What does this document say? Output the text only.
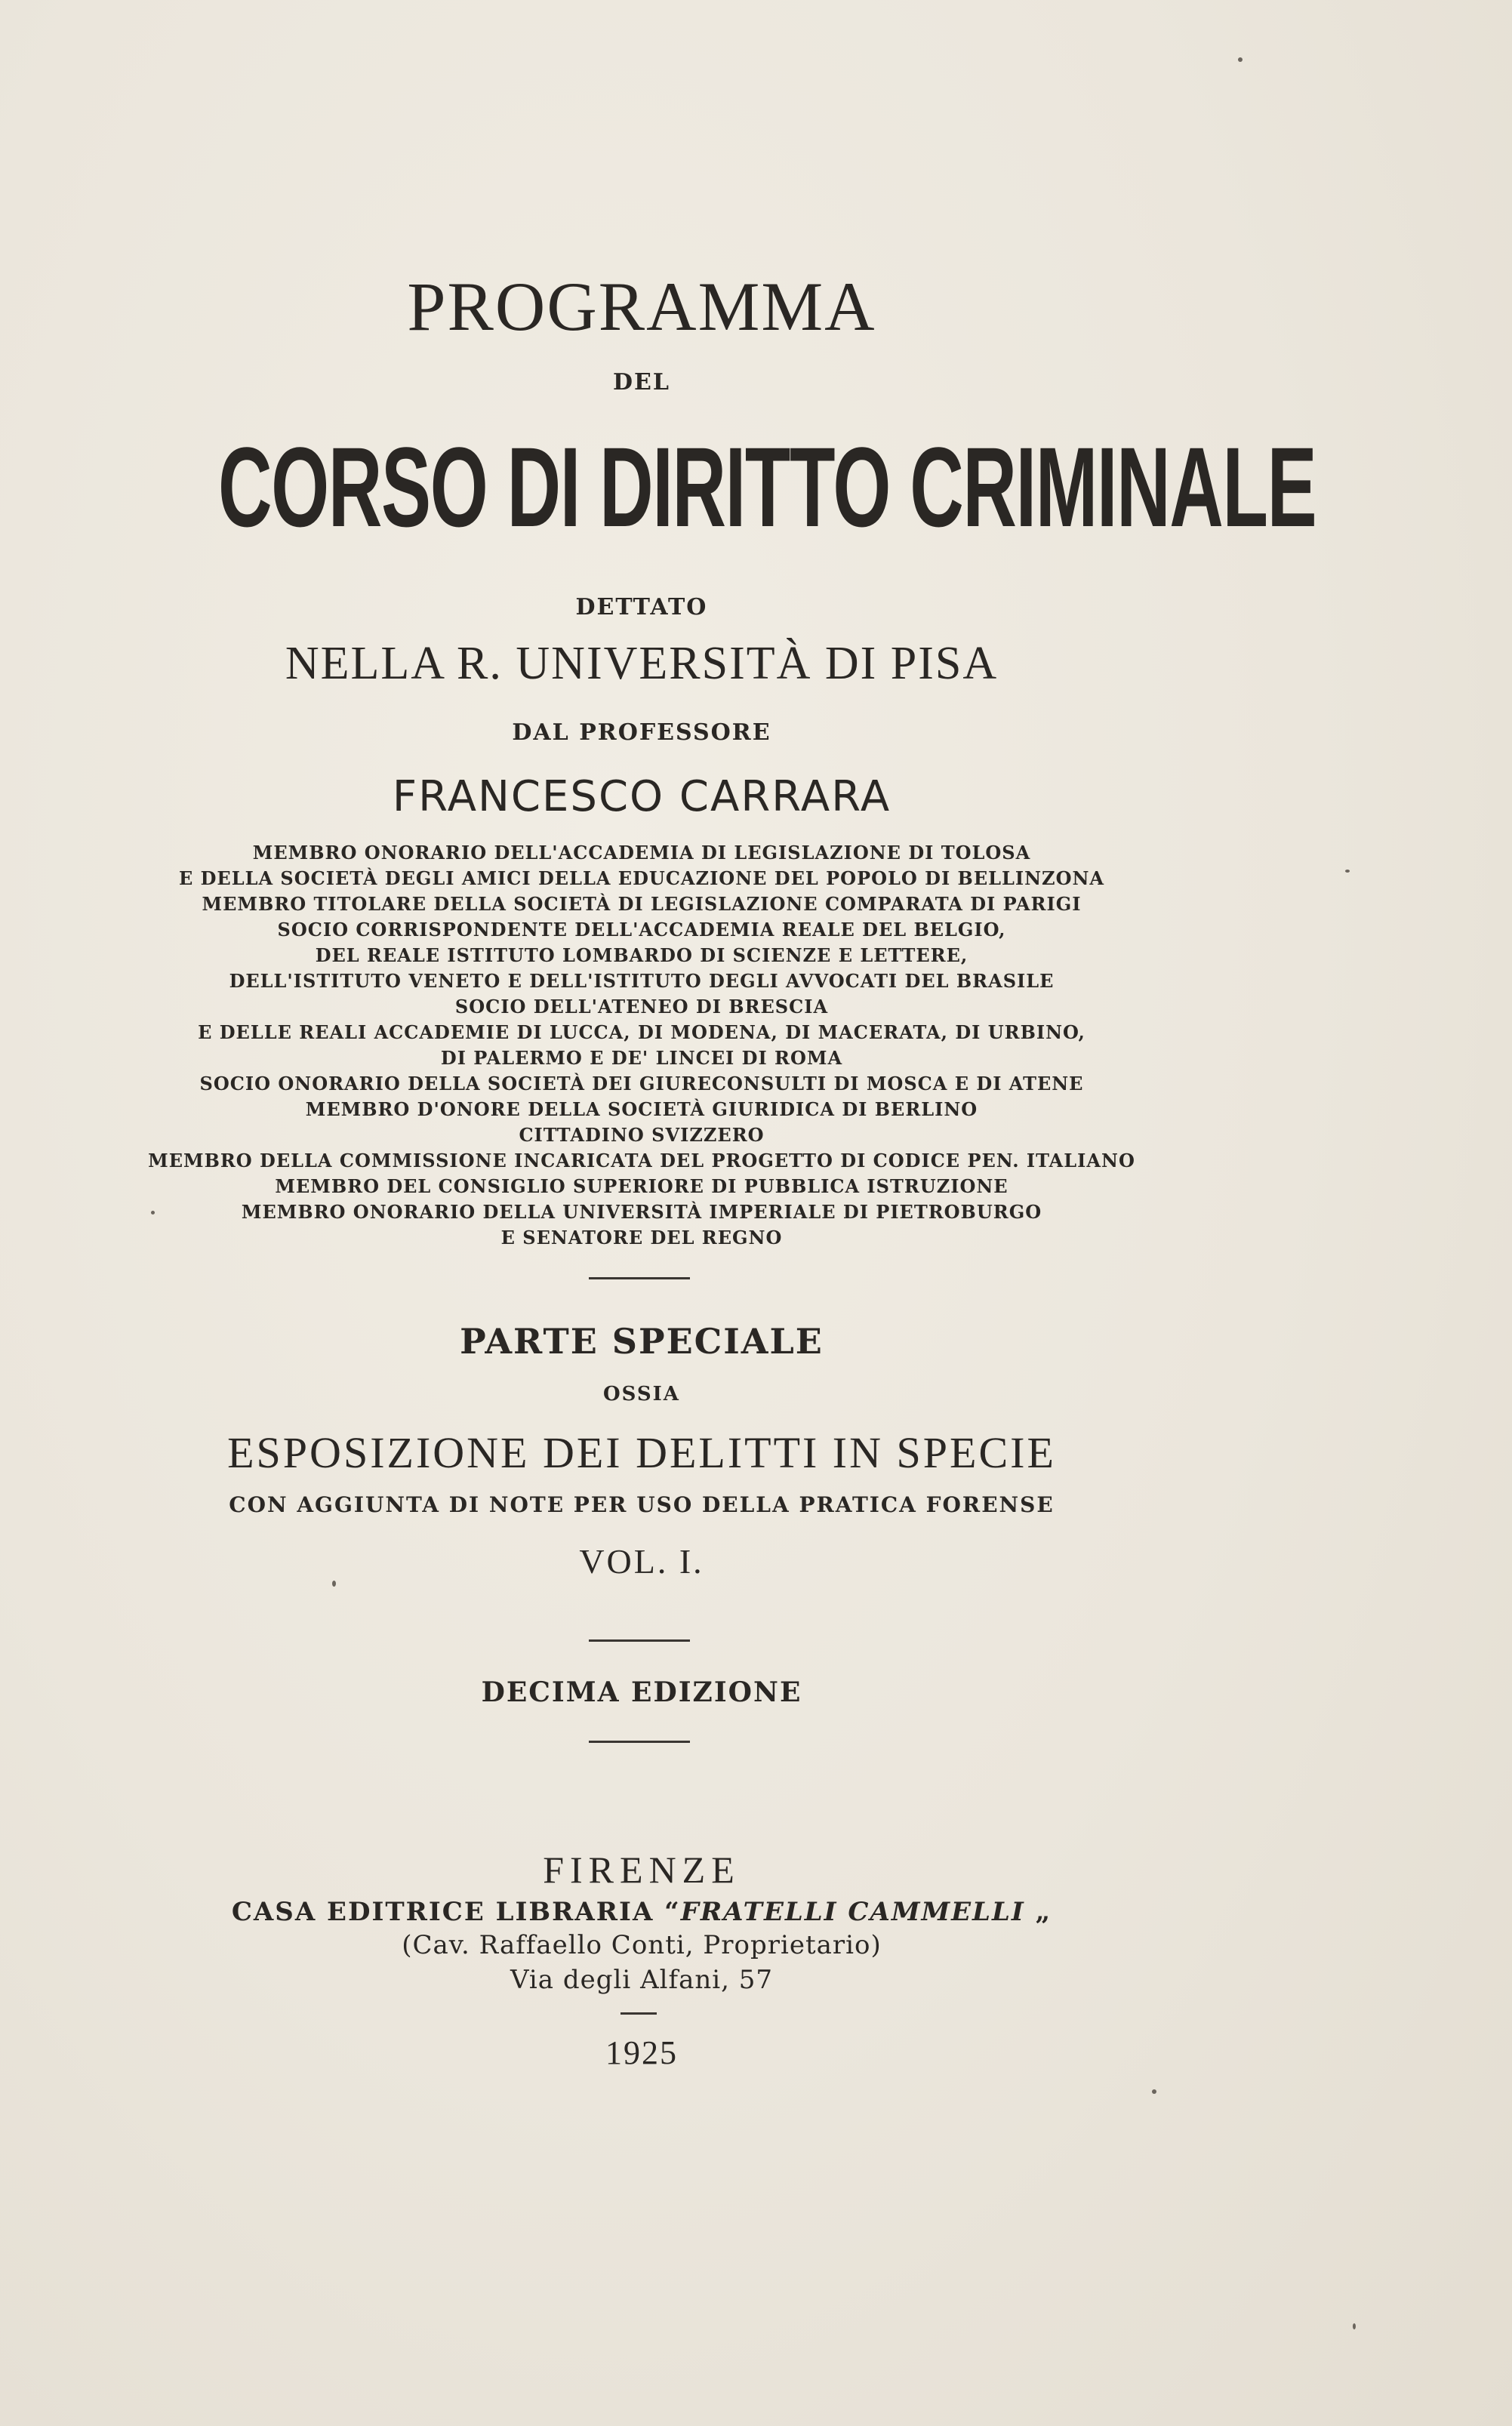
PROGRAMMA
DEL
CORSO DI DIRITTO CRIMINALE
DETTATO
NELLA R. UNIVERSITÀ DI PISA
DAL PROFESSORE
FRANCESCO CARRARA
MEMBRO ONORARIO DELL'ACCADEMIA DI LEGISLAZIONE DI TOLOSA
E DELLA SOCIETÀ DEGLI AMICI DELLA EDUCAZIONE DEL POPOLO DI BELLINZONA
MEMBRO TITOLARE DELLA SOCIETÀ DI LEGISLAZIONE COMPARATA DI PARIGI
SOCIO CORRISPONDENTE DELL'ACCADEMIA REALE DEL BELGIO,
DEL REALE ISTITUTO LOMBARDO DI SCIENZE E LETTERE,
DELL'ISTITUTO VENETO E DELL'ISTITUTO DEGLI AVVOCATI DEL BRASILE
SOCIO DELL'ATENEO DI BRESCIA
E DELLE REALI ACCADEMIE DI LUCCA, DI MODENA, DI MACERATA, DI URBINO,
DI PALERMO E DE' LINCEI DI ROMA
SOCIO ONORARIO DELLA SOCIETÀ DEI GIURECONSULTI DI MOSCA E DI ATENE
MEMBRO D'ONORE DELLA SOCIETÀ GIURIDICA DI BERLINO
CITTADINO SVIZZERO
MEMBRO DELLA COMMISSIONE INCARICATA DEL PROGETTO DI CODICE PEN. ITALIANO
MEMBRO DEL CONSIGLIO SUPERIORE DI PUBBLICA ISTRUZIONE
MEMBRO ONORARIO DELLA UNIVERSITÀ IMPERIALE DI PIETROBURGO
E SENATORE DEL REGNO
PARTE SPECIALE
OSSIA
ESPOSIZIONE DEI DELITTI IN SPECIE
CON AGGIUNTA DI NOTE PER USO DELLA PRATICA FORENSE
VOL. I.
DECIMA EDIZIONE
FIRENZE
CASA EDITRICE LIBRARIA “FRATELLI CAMMELLI „
(Cav. Raffaello Conti, Proprietario)
Via degli Alfani, 57
1925
